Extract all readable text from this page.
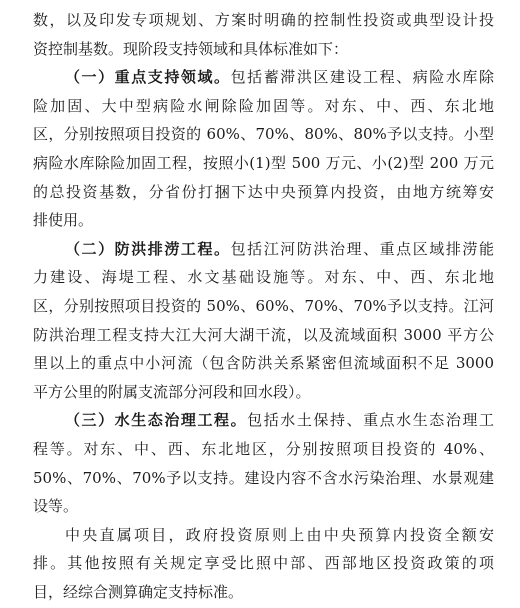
数，以及印发专项规划、方案时明确的控制性投资或典型设计投
资控制基数。现阶段支持领域和具体标准如下：
（一）重点支持领域。包括蓄滞洪区建设工程、病险水库除
险加固、大中型病险水闸除险加固等。对东、中、西、东北地
区，分别按照项目投资的 60%、70%、80%、80%予以支持。小型
病险水库除险加固工程，按照小(1)型 500 万元、小(2)型 200 万元
的总投资基数，分省份打捆下达中央预算内投资，由地方统筹安
排使用。
（二）防洪排涝工程。包括江河防洪治理、重点区域排涝能
力建设、海堤工程、水文基础设施等。对东、中、西、东北地
区，分别按照项目投资的 50%、60%、70%、70%予以支持。江河
防洪治理工程支持大江大河大湖干流，以及流域面积 3000 平方公
里以上的重点中小河流（包含防洪关系紧密但流域面积不足 3000
平方公里的附属支流部分河段和回水段）。
（三）水生态治理工程。包括水土保持、重点水生态治理工
程等。对东、中、西、东北地区，分别按照项目投资的 40%、
50%、70%、70%予以支持。建设内容不含水污染治理、水景观建
设等。
中央直属项目，政府投资原则上由中央预算内投资全额安
排。其他按照有关规定享受比照中部、西部地区投资政策的项
目，经综合测算确定支持标准。
